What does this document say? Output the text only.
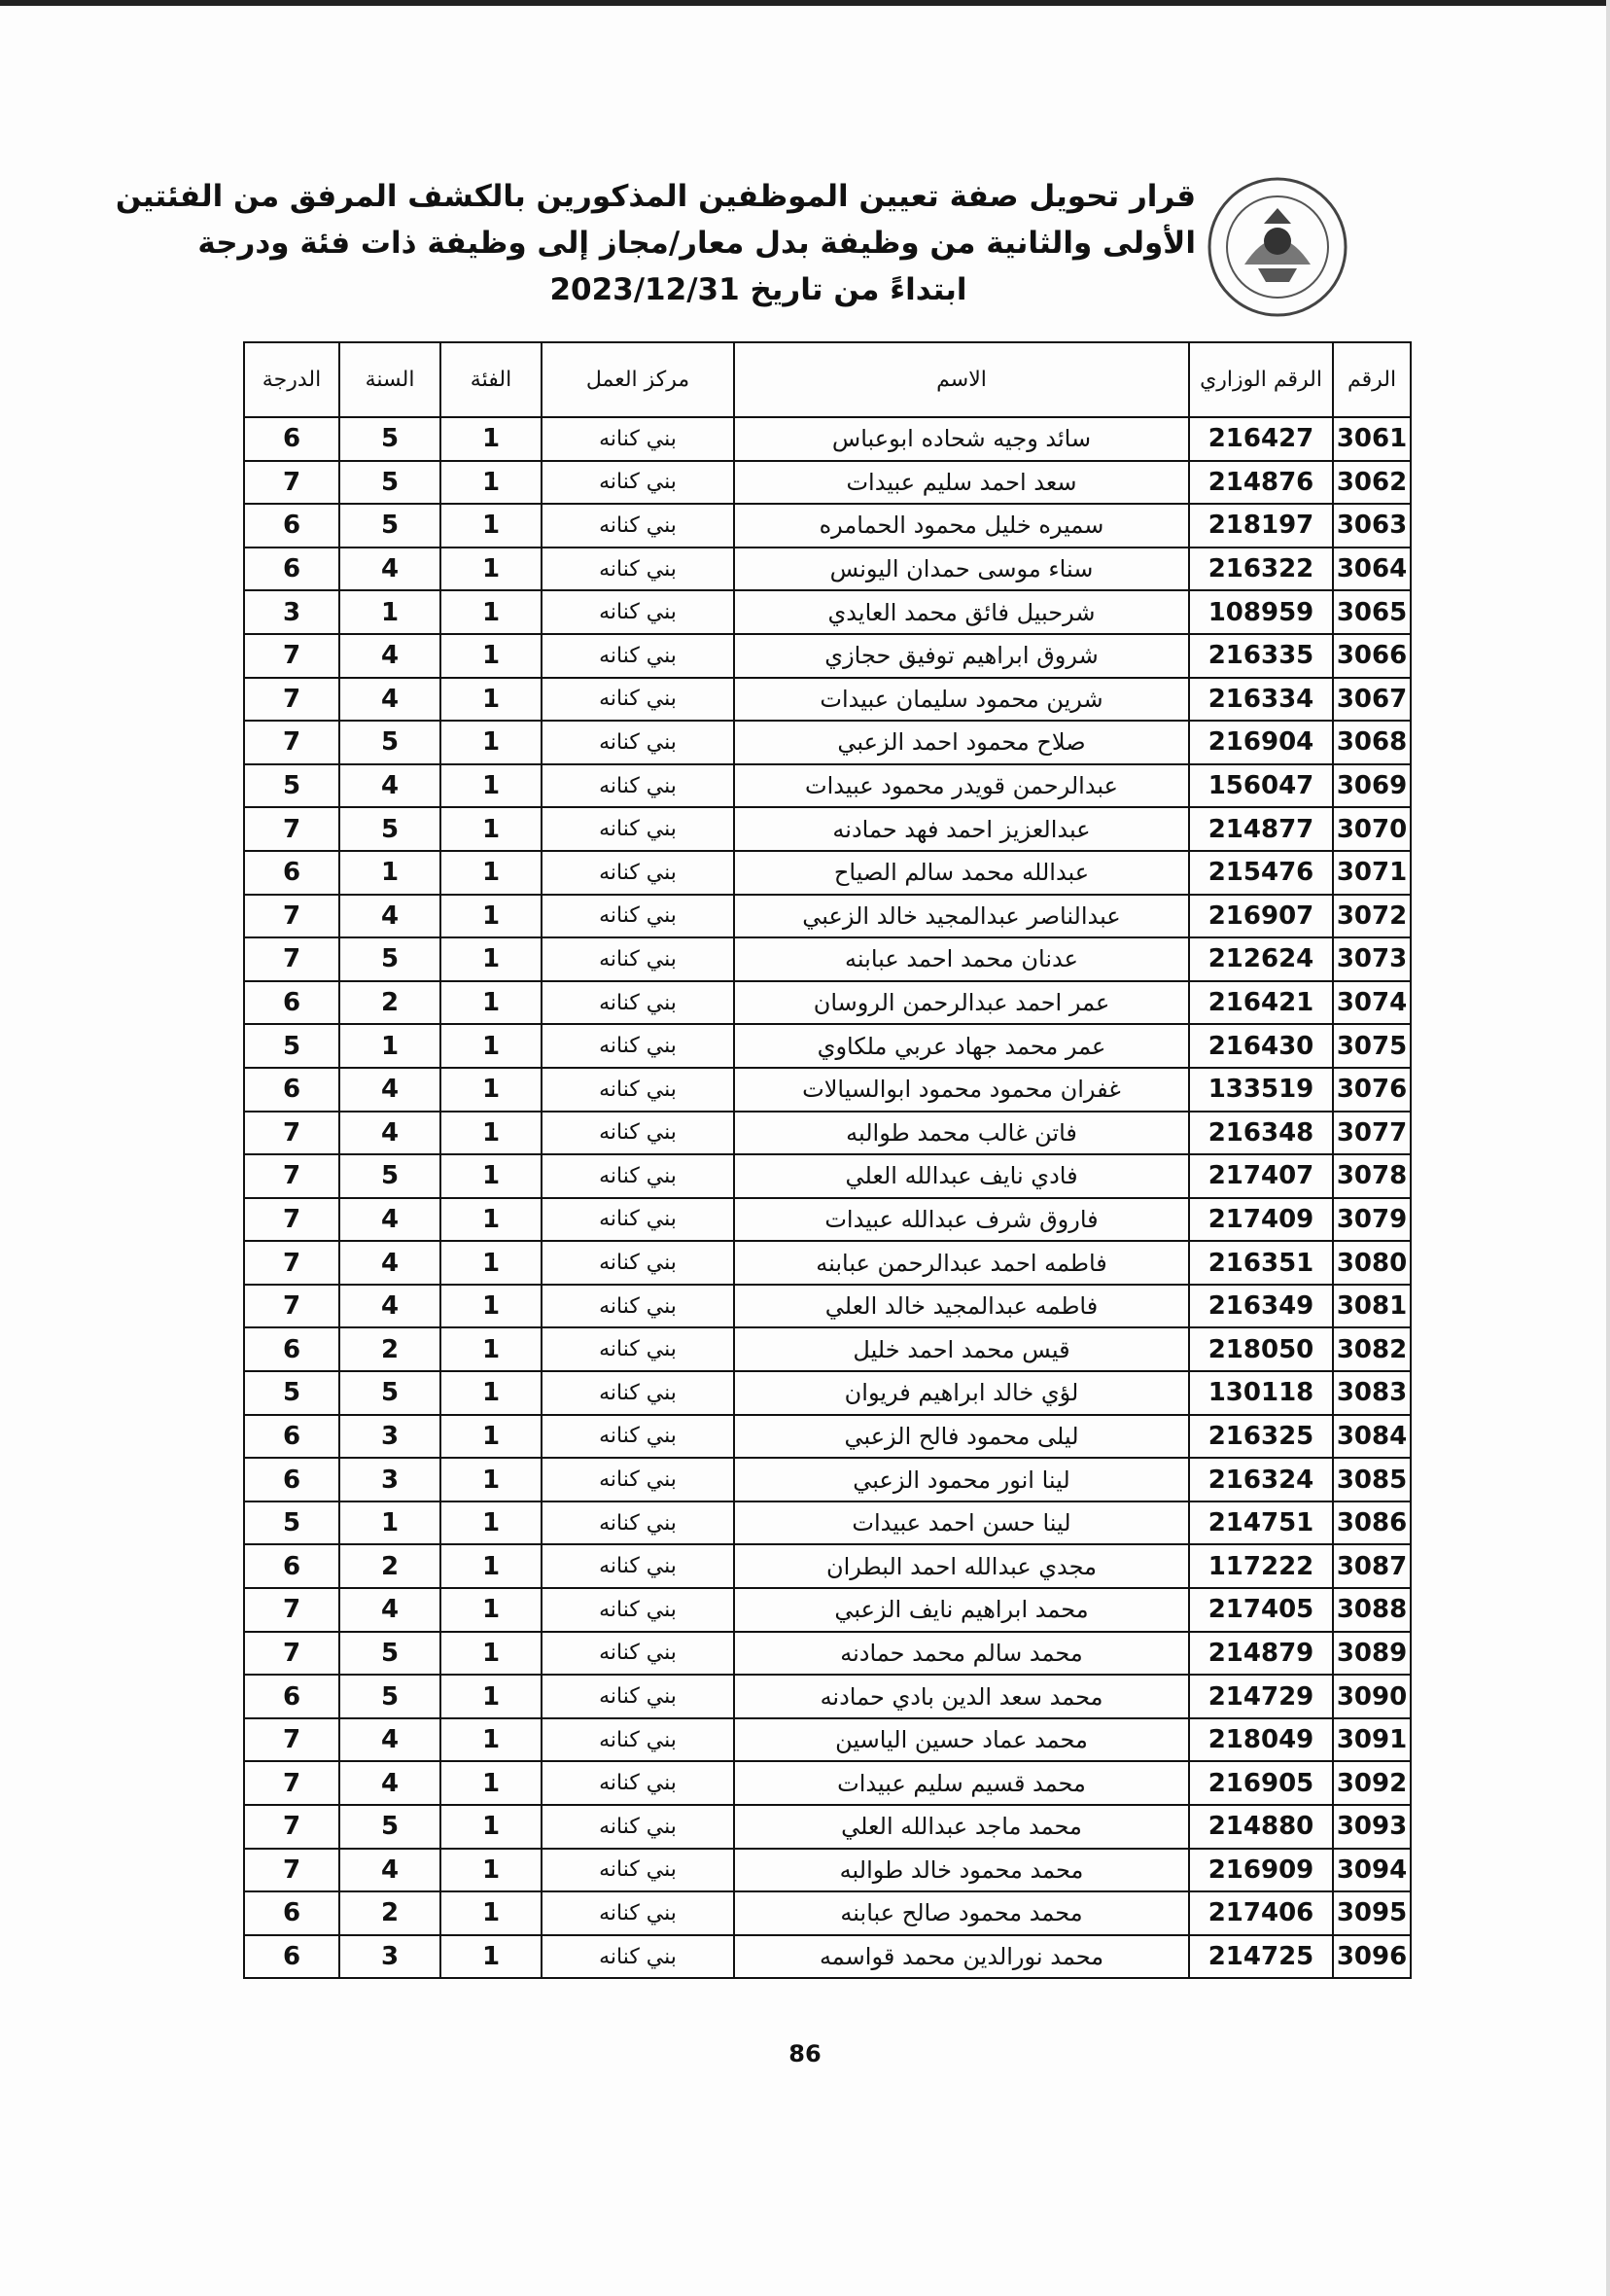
قرار تحويل صفة تعيين الموظفين المذكورين بالكشف المرفق من الفئتين
الأولى والثانية من وظيفة بدل معار/مجاز إلى وظيفة ذات فئة ودرجة
ابتداءً من تاريخ 2023/12/31
الرقم	الرقم الوزاري	الاسم	مركز العمل	الفئة	السنة	الدرجة
3061	216427	سائد وجيه شحاده ابوعباس	بني كنانه	1	5	6
3062	214876	سعد احمد سليم عبيدات	بني كنانه	1	5	7
3063	218197	سميره خليل محمود الحمامره	بني كنانه	1	5	6
3064	216322	سناء موسى حمدان اليونس	بني كنانه	1	4	6
3065	108959	شرحبيل فائق محمد العايدي	بني كنانه	1	1	3
3066	216335	شروق ابراهيم توفيق حجازي	بني كنانه	1	4	7
3067	216334	شرين محمود سليمان عبيدات	بني كنانه	1	4	7
3068	216904	صلاح محمود احمد الزعبي	بني كنانه	1	5	7
3069	156047	عبدالرحمن قويدر محمود عبيدات	بني كنانه	1	4	5
3070	214877	عبدالعزيز احمد فهد حمادنه	بني كنانه	1	5	7
3071	215476	عبدالله محمد سالم الصياح	بني كنانه	1	1	6
3072	216907	عبدالناصر عبدالمجيد خالد الزعبي	بني كنانه	1	4	7
3073	212624	عدنان محمد احمد عبابنه	بني كنانه	1	5	7
3074	216421	عمر احمد عبدالرحمن الروسان	بني كنانه	1	2	6
3075	216430	عمر محمد جهاد عربي ملكاوي	بني كنانه	1	1	5
3076	133519	غفران محمود محمود ابوالسيالات	بني كنانه	1	4	6
3077	216348	فاتن غالب محمد طوالبه	بني كنانه	1	4	7
3078	217407	فادي نايف عبدالله العلي	بني كنانه	1	5	7
3079	217409	فاروق شرف عبدالله عبيدات	بني كنانه	1	4	7
3080	216351	فاطمه احمد عبدالرحمن عبابنه	بني كنانه	1	4	7
3081	216349	فاطمه عبدالمجيد خالد العلي	بني كنانه	1	4	7
3082	218050	قيس محمد احمد خليل	بني كنانه	1	2	6
3083	130118	لؤي خالد ابراهيم فريوان	بني كنانه	1	5	5
3084	216325	ليلى محمود فالح الزعبي	بني كنانه	1	3	6
3085	216324	لينا انور محمود الزعبي	بني كنانه	1	3	6
3086	214751	لينا حسن احمد عبيدات	بني كنانه	1	1	5
3087	117222	مجدي عبدالله احمد البطران	بني كنانه	1	2	6
3088	217405	محمد ابراهيم نايف الزعبي	بني كنانه	1	4	7
3089	214879	محمد سالم محمد حمادنه	بني كنانه	1	5	7
3090	214729	محمد سعد الدين بادي حمادنه	بني كنانه	1	5	6
3091	218049	محمد عماد حسين الياسين	بني كنانه	1	4	7
3092	216905	محمد قسيم سليم عبيدات	بني كنانه	1	4	7
3093	214880	محمد ماجد عبدالله العلي	بني كنانه	1	5	7
3094	216909	محمد محمود خالد طوالبه	بني كنانه	1	4	7
3095	217406	محمد محمود صالح عبابنه	بني كنانه	1	2	6
3096	214725	محمد نورالدين محمد قواسمه	بني كنانه	1	3	6
86
